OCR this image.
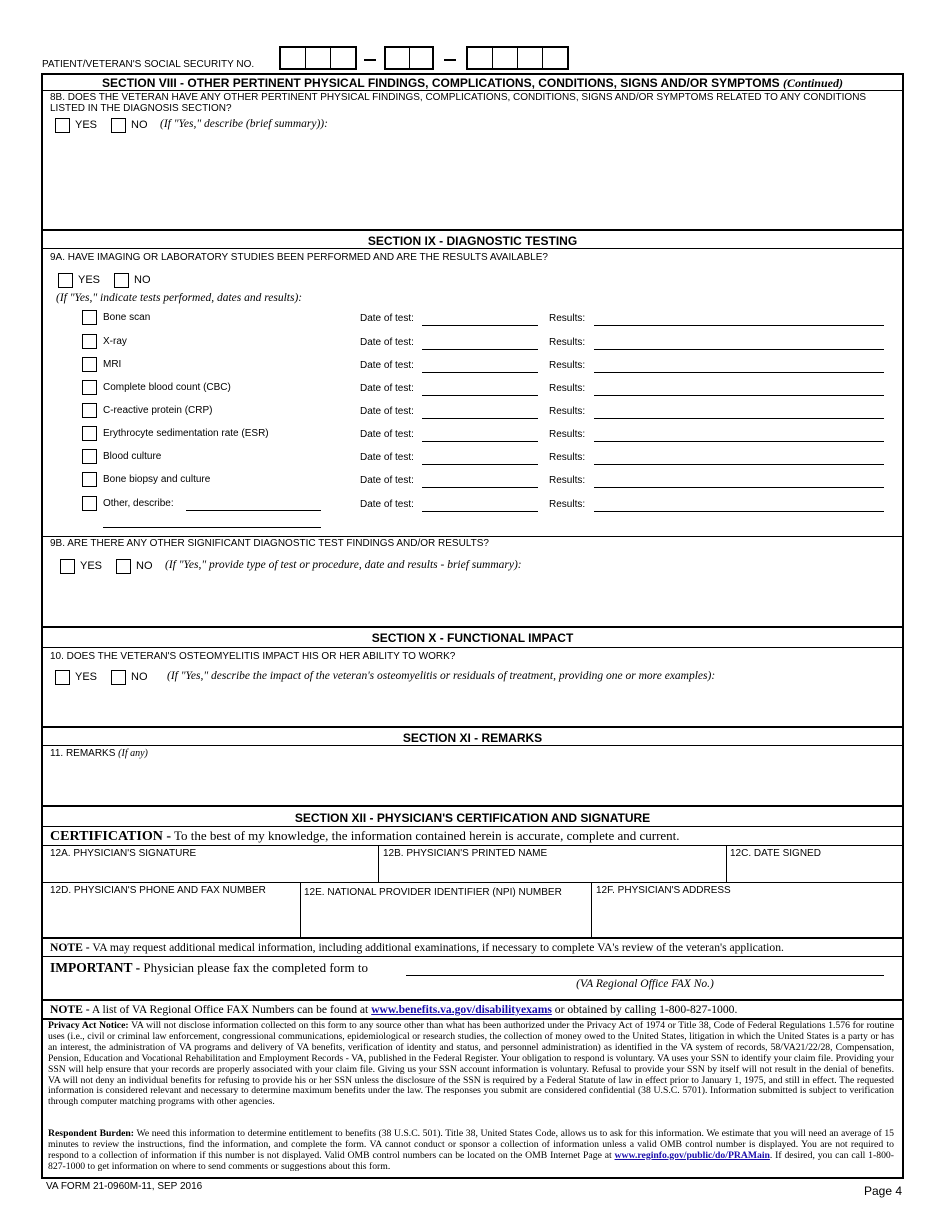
PATIENT/VETERAN'S SOCIAL SECURITY NO.
SECTION VIII - OTHER PERTINENT PHYSICAL FINDINGS, COMPLICATIONS, CONDITIONS, SIGNS AND/OR SYMPTOMS (Continued)
8B. DOES THE VETERAN HAVE ANY OTHER PERTINENT PHYSICAL FINDINGS, COMPLICATIONS, CONDITIONS, SIGNS AND/OR SYMPTOMS RELATED TO ANY CONDITIONS LISTED IN THE DIAGNOSIS SECTION?
YES	NO (If "Yes," describe (brief summary)):
SECTION IX - DIAGNOSTIC TESTING
9A. HAVE IMAGING OR LABORATORY STUDIES BEEN PERFORMED AND ARE THE RESULTS AVAILABLE?
YES	NO
(If "Yes," indicate tests performed, dates and results):
Bone scan	Date of test:	Results:
X-ray	Date of test:	Results:
MRI	Date of test:	Results:
Complete blood count (CBC)	Date of test:	Results:
C-reactive protein (CRP)	Date of test:	Results:
Erythrocyte sedimentation rate (ESR)	Date of test:	Results:
Blood culture	Date of test:	Results:
Bone biopsy and culture	Date of test:	Results:
Other, describe:	Date of test:	Results:
9B. ARE THERE ANY OTHER SIGNIFICANT DIAGNOSTIC TEST FINDINGS AND/OR RESULTS?
YES	NO (If "Yes," provide type of test or procedure, date and results - brief summary):
SECTION X - FUNCTIONAL IMPACT
10. DOES THE VETERAN'S OSTEOMYELITIS IMPACT HIS OR HER ABILITY TO WORK?
YES	NO (If "Yes," describe the impact of the veteran's osteomyelitis or residuals of treatment, providing one or more examples):
SECTION XI - REMARKS
11. REMARKS (If any)
SECTION XII - PHYSICIAN'S CERTIFICATION AND SIGNATURE
CERTIFICATION - To the best of my knowledge, the information contained herein is accurate, complete and current.
12A. PHYSICIAN'S SIGNATURE	12B. PHYSICIAN'S PRINTED NAME	12C. DATE SIGNED
12D. PHYSICIAN'S PHONE AND FAX NUMBER	12E. NATIONAL PROVIDER IDENTIFIER (NPI) NUMBER	12F. PHYSICIAN'S ADDRESS
NOTE - VA may request additional medical information, including additional examinations, if necessary to complete VA's review of the veteran's application.
IMPORTANT - Physician please fax the completed form to
(VA Regional Office FAX No.)
NOTE - A list of VA Regional Office FAX Numbers can be found at www.benefits.va.gov/disabilityexams or obtained by calling 1-800-827-1000.
Privacy Act Notice: VA will not disclose information collected on this form to any source other than what has been authorized under the Privacy Act of 1974 or Title 38, Code of Federal Regulations 1.576 for routine uses (i.e., civil or criminal law enforcement, congressional communications, epidemiological or research studies, the collection of money owed to the United States, litigation in which the United States is a party or has an interest, the administration of VA programs and delivery of VA benefits, verification of identity and status, and personnel administration) as identified in the VA system of records, 58/VA21/22/28, Compensation, Pension, Education and Vocational Rehabilitation and Employment Records - VA, published in the Federal Register. Your obligation to respond is voluntary. VA uses your SSN to identify your claim file. Providing your SSN will help ensure that your records are properly associated with your claim file. Giving us your SSN account information is voluntary. Refusal to provide your SSN by itself will not result in the denial of benefits. VA will not deny an individual benefits for refusing to provide his or her SSN unless the disclosure of the SSN is required by a Federal Statute of law in effect prior to January 1, 1975, and still in effect. The requested information is considered relevant and necessary to determine maximum benefits under the law. The responses you submit are considered confidential (38 U.S.C. 5701). Information submitted is subject to verification through computer matching programs with other agencies.
Respondent Burden: We need this information to determine entitlement to benefits (38 U.S.C. 501). Title 38, United States Code, allows us to ask for this information. We estimate that you will need an average of 15 minutes to review the instructions, find the information, and complete the form. VA cannot conduct or sponsor a collection of information unless a valid OMB control number is displayed. You are not required to respond to a collection of information if this number is not displayed. Valid OMB control numbers can be located on the OMB Internet Page at www.reginfo.gov/public/do/PRAMain. If desired, you can call 1-800-827-1000 to get information on where to send comments or suggestions about this form.
VA FORM 21-0960M-11, SEP 2016	Page 4
